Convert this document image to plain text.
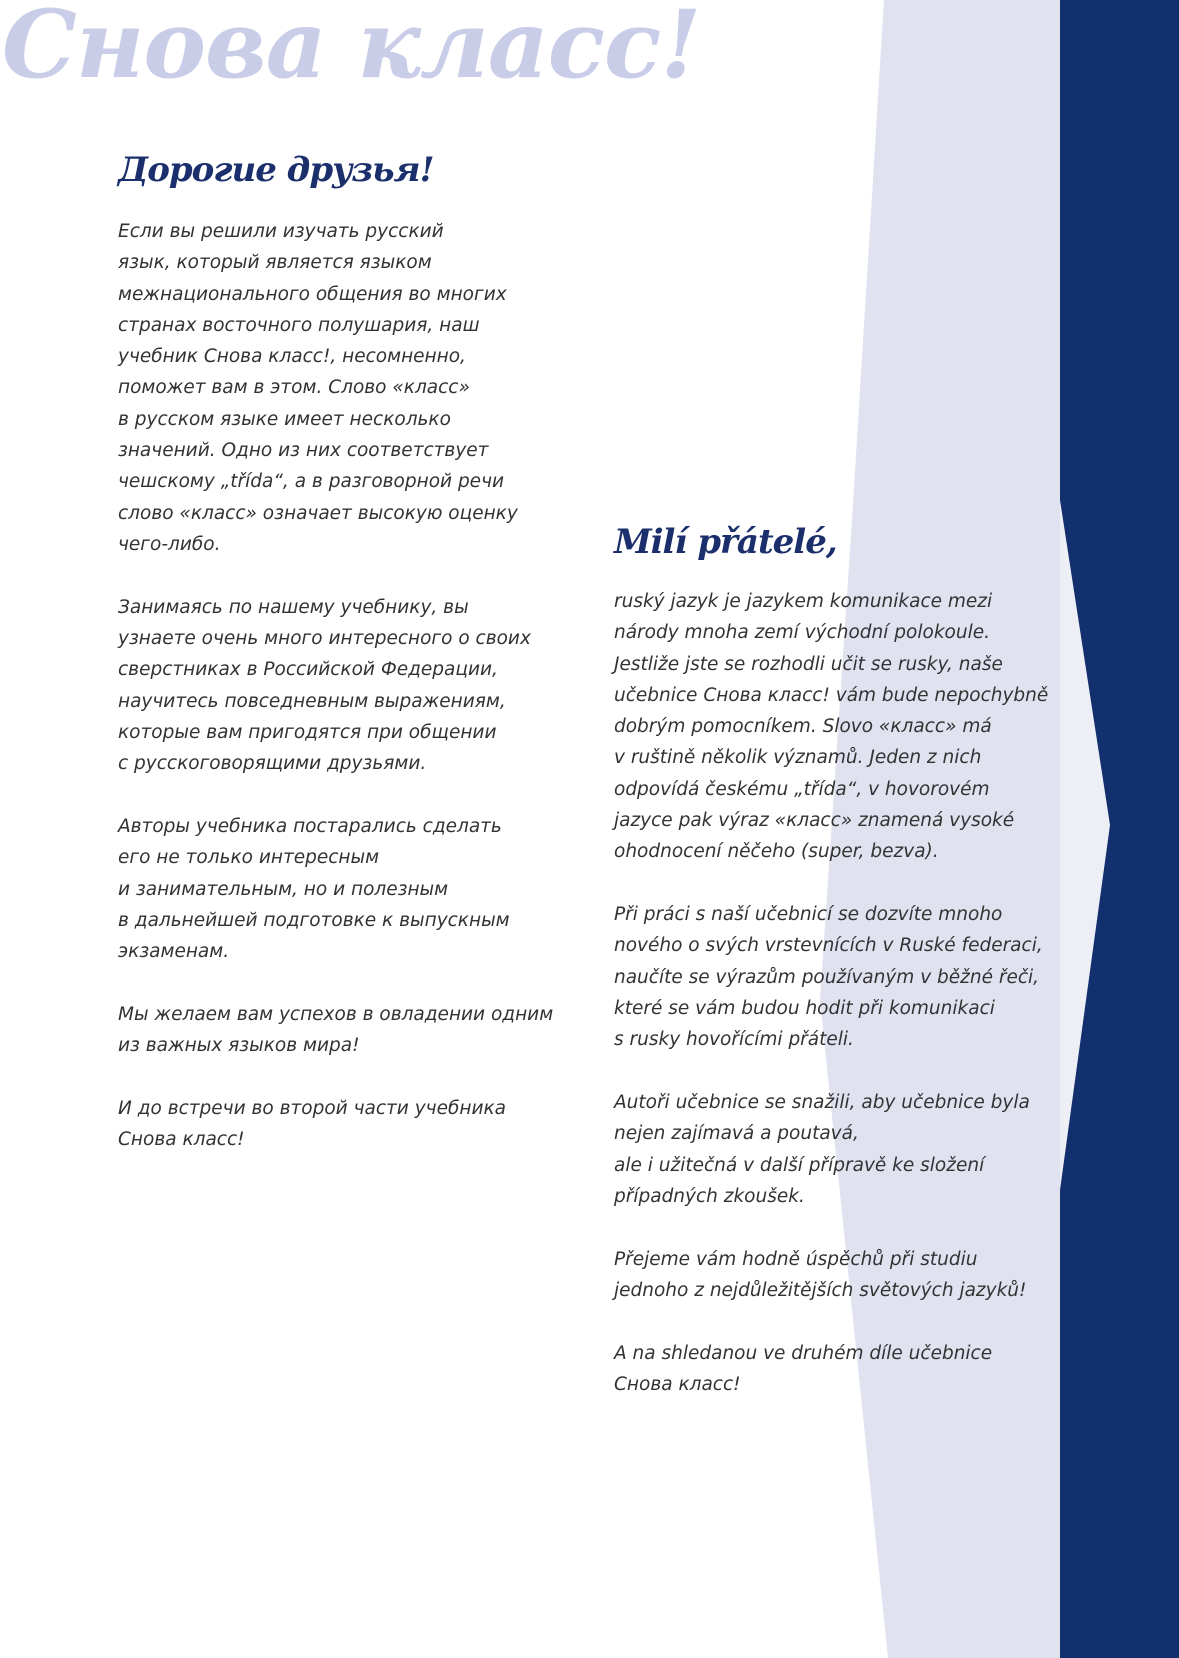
Снова класс!
Дорогие друзья!
Если вы решили изучать русский
язык, который является языком
межнационального общения во многих
странах восточного полушария, наш
учебник Снова класс!, несомненно,
поможет вам в этом. Слово «класс»
в русском языке имеет несколько
значений. Одно из них соответствует
чешскому „třída“, а в разговорной речи
слово «класс» означает высокую оценку
чего-либо.
Занимаясь по нашему учебнику, вы
узнаете очень много интересного о своих
сверстниках в Российской Федерации,
научитесь повседневным выражениям,
которые вам пригодятся при общении
с русскоговорящими друзьями.
Авторы учебника постарались сделать
его не только интересным
и занимательным, но и полезным
в дальнейшей подготовке к выпускным
экзаменам.
Мы желаем вам успехов в овладении одним
из важных языков мира!
И до встречи во второй части учебника
Снова класс!
Milí přátelé,
ruský jazyk je jazykem komunikace mezi
národy mnoha zemí východní polokoule.
Jestliže jste se rozhodli učit se rusky, naše
učebnice Снова класс! vám bude nepochybně
dobrým pomocníkem. Slovo «класс» má
v ruštině několik významů. Jeden z nich
odpovídá českému „třída“, v hovorovém
jazyce pak výraz «класс» znamená vysoké
ohodnocení něčeho (super, bezva).
Při práci s naší učebnicí se dozvíte mnoho
nového o svých vrstevnících v Ruské federaci,
naučíte se výrazům používaným v běžné řeči,
které se vám budou hodit při komunikaci
s rusky hovořícími přáteli.
Autoři učebnice se snažili, aby učebnice byla
nejen zajímavá a poutavá,
ale i užitečná v další přípravě ke složení
případných zkoušek.
Přejeme vám hodně úspěchů při studiu
jednoho z nejdůležitějších světových jazyků!
A na shledanou ve druhém díle učebnice
Снова класс!
